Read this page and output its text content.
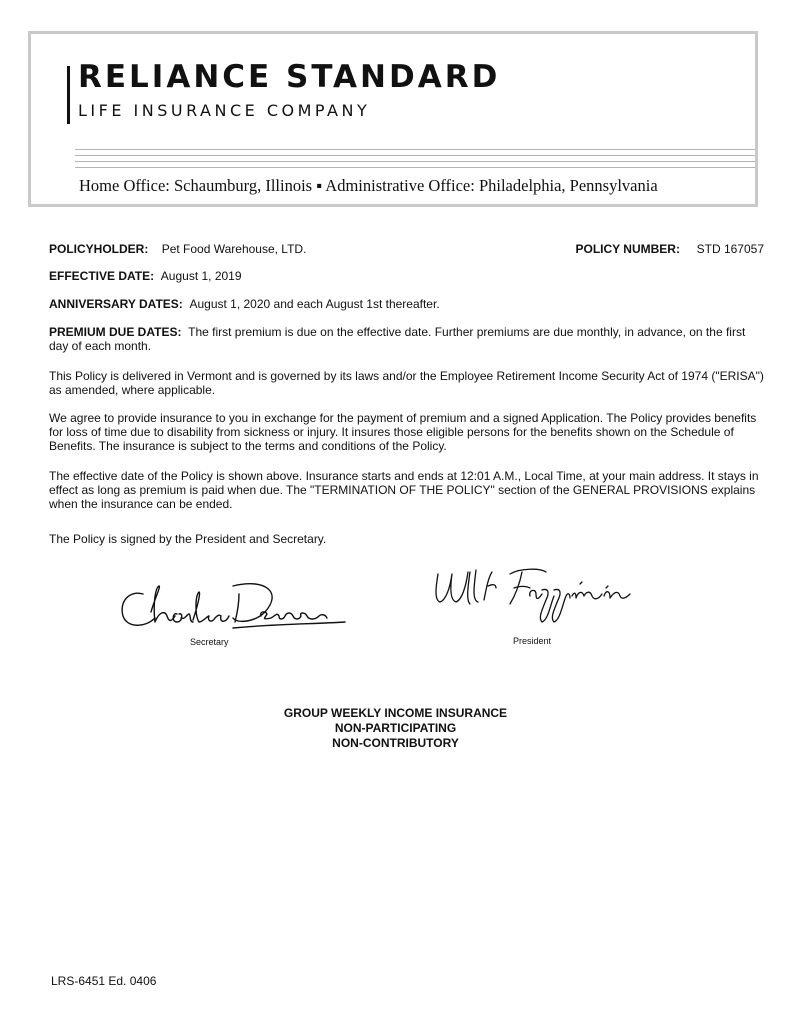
RELIANCE STANDARD
LIFE INSURANCE COMPANY
Home Office: Schaumburg, Illinois ▪ Administrative Office: Philadelphia, Pennsylvania
POLICYHOLDER: Pet Food Warehouse, LTD.	POLICY NUMBER: STD 167057
EFFECTIVE DATE: August 1, 2019
ANNIVERSARY DATES: August 1, 2020 and each August 1st thereafter.
PREMIUM DUE DATES: The first premium is due on the effective date. Further premiums are due monthly, in advance, on the first day of each month.
This Policy is delivered in Vermont and is governed by its laws and/or the Employee Retirement Income Security Act of 1974 ("ERISA") as amended, where applicable.
We agree to provide insurance to you in exchange for the payment of premium and a signed Application. The Policy provides benefits for loss of time due to disability from sickness or injury. It insures those eligible persons for the benefits shown on the Schedule of Benefits. The insurance is subject to the terms and conditions of the Policy.
The effective date of the Policy is shown above. Insurance starts and ends at 12:01 A.M., Local Time, at your main address. It stays in effect as long as premium is paid when due. The "TERMINATION OF THE POLICY" section of the GENERAL PROVISIONS explains when the insurance can be ended.
The Policy is signed by the President and Secretary.
Secretary	President
GROUP WEEKLY INCOME INSURANCE
NON-PARTICIPATING
NON-CONTRIBUTORY
LRS-6451 Ed. 0406
